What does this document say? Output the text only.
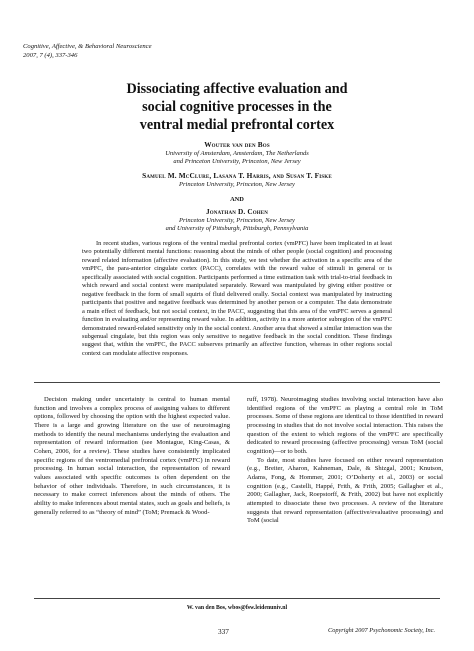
Cognitive, Affective, & Behavioral Neuroscience
2007, 7 (4), 337-346
Dissociating affective evaluation and
social cognitive processes in the
ventral medial prefrontal cortex
Wouter van den Bos
University of Amsterdam, Amsterdam, The Netherlands
and Princeton University, Princeton, New Jersey
Samuel M. McClure, Lasana T. Harris, and Susan T. Fiske
Princeton University, Princeton, New Jersey
AND
Jonathan D. Cohen
Princeton University, Princeton, New Jersey
and University of Pittsburgh, Pittsburgh, Pennsylvania

In recent studies, various regions of the ventral medial prefrontal cortex (vmPFC) have been implicated in at least two potentially different mental functions: reasoning about the minds of other people (social cognition) and processing reward related information (affective evaluation). In this study, we test whether the activation in a specific area of the vmPFC, the para-anterior cingulate cortex (PACC), correlates with the reward value of stimuli in general or is specifically associated with social cognition. Participants performed a time estimation task with trial-to-trial feedback in which reward and social context were manipulated separately. Reward was manipulated by giving either positive or negative feedback in the form of small squirts of fluid delivered orally. Social context was manipulated by instructing participants that positive and negative feedback was determined by another person or a computer. The data demonstrate a main effect of feedback, but not social context, in the PACC, suggesting that this area of the vmPFC serves a general function in evaluating and/or representing reward value. In addition, activity in a more anterior subregion of the vmPFC demonstrated reward-related sensitivity only in the social context. Another area that showed a similar interaction was the subgenual cingulate, but this region was only sensitive to negative feedback in the social condition. These findings suggest that, within the vmPFC, the PACC subserves primarily an affective function, whereas in other regions social context can modulate affective responses.

Decision making under uncertainty is central to human mental function and involves a complex process of assigning values to different options, followed by choosing the option with the highest expected value. There is a large and growing literature on the use of neuroimaging methods to identify the neural mechanisms underlying the evaluation and representation of reward information (see Montague, King-Casas, & Cohen, 2006, for a review). These studies have consistently implicated specific regions of the ventromedial prefrontal cortex (vmPFC) in reward processing. In human social interaction, the representation of reward values associated with specific outcomes is often dependent on the behavior of other individuals. Therefore, in such circumstances, it is necessary to make correct inferences about the minds of others. The ability to make inferences about mental states, such as goals and beliefs, is generally referred to as “theory of mind” (ToM; Premack & Wood-

ruff, 1978). Neuroimaging studies involving social interaction have also identified regions of the vmPFC as playing a central role in ToM processes. Some of these regions are identical to those identified in reward processing in studies that do not involve social interaction. This raises the question of the extent to which regions of the vmPFC are specifically dedicated to reward processing (affective processing) versus ToM (social cognition)—or to both.

To date, most studies have focused on either reward representation (e.g., Breiter, Aharon, Kahneman, Dale, & Shizgal, 2001; Knutson, Adams, Fong, & Hommer, 2001; O’Doherty et al., 2003) or social cognition (e.g., Castelli, Happé, Frith, & Frith, 2005; Gallagher et al., 2000; Gallagher, Jack, Roepstorff, & Frith, 2002) but have not explicitly attempted to dissociate these two processes. A review of the literature suggests that reward representation (affective/evaluative processing) and ToM (social

W. van den Bos, wbos@fsw.leidenuniv.nl
337	Copyright 2007 Psychonomic Society, Inc.
